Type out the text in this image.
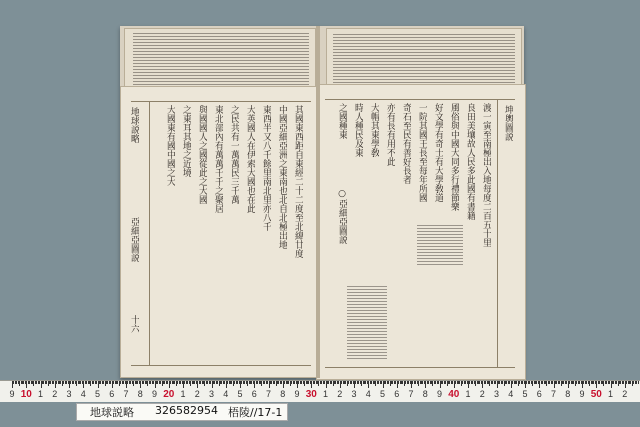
地球説略
亞細亞圖説
十六
其國東西距自東經二十二度至北緯廿度
中國亞細亞洲之東南也北自北極出地
東西半又八千餘里南北里亦八千
大英國人在伊索大國也在此
之民共有一萬萬民三千萬
東北部內有萬萬千千之聚居
與國國人之國從此之大國
之東耳其地之近境
大國東有國中國之大	坤輿圖説
渡一寅至南極出入地每度二百五十里
良田美壤故人民多此國有書籍
風俗與中國大同多行禮節樂
好文學有奇士有大學敎道
一院其國王長至每年所國
奇石至民有善好長者
亦有長有用不此
大帽其東學敎
時人種民及東
之國種東
○亞細亞圖説
9 10 1 2 3 4 5 6 7 8 9 20 1 2 3 4 5 6 7 8 9 30 1 2 3 4 5 6 7 8 9 40 1 2 3 4 5 6 7 8 9 50 1 2
地球説略 326582954 梧陵//17-1
